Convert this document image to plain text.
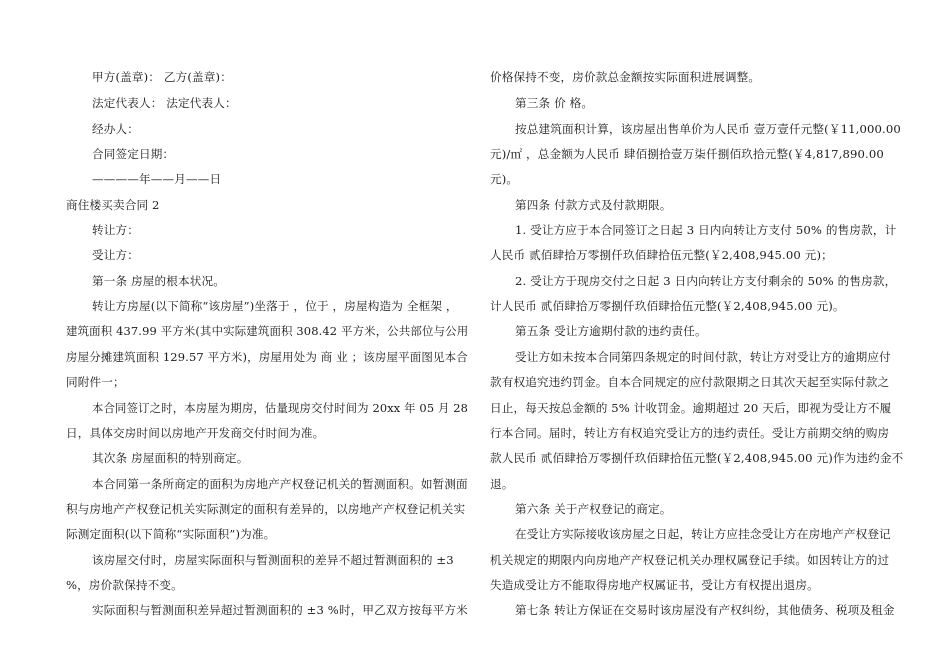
甲方(盖章)： 乙方(盖章)：
法定代表人： 法定代表人：
经办人：
合同签定日期：
————年——月——日
商住楼买卖合同 2
转让方：
受让方：
第一条 房屋的根本状况。
转让方房屋(以下简称“该房屋”)坐落于 ，位于 ，房屋构造为 全框架 ，
建筑面积 437.99 平方米(其中实际建筑面积 308.42 平方米，公共部位与公用
房屋分摊建筑面积 129.57 平方米)，房屋用处为 商 业 ；该房屋平面图见本合
同附件一；
本合同签订之时，本房屋为期房，估量现房交付时间为 20xx 年 05 月 28
日，具体交房时间以房地产开发商交付时间为准。
其次条 房屋面积的特别商定。
本合同第一条所商定的面积为房地产产权登记机关的暂测面积。如暂测面
积与房地产产权登记机关实际测定的面积有差异的，以房地产产权登记机关实
际测定面积(以下简称“实际面积”)为准。
该房屋交付时，房屋实际面积与暂测面积的差异不超过暂测面积的 ±3
%，房价款保持不变。
实际面积与暂测面积差异超过暂测面积的 ±3 %时，甲乙双方按每平方米
价格保持不变，房价款总金额按实际面积进展调整。
第三条 价 格。
按总建筑面积计算，该房屋出售单价为人民币 壹万壹仟元整(￥11,000.00
元)/㎡ ，总金额为人民币 肆佰捌拾壹万柒仟捌佰玖拾元整(￥4,817,890.00
元)。
第四条 付款方式及付款期限。
1. 受让方应于本合同签订之日起 3 日内向转让方支付 50% 的售房款，计
人民币 贰佰肆拾万零捌仟玖佰肆拾伍元整(￥2,408,945.00 元)；
2. 受让方于现房交付之日起 3 日内向转让方支付剩余的 50% 的售房款，
计人民币 贰佰肆拾万零捌仟玖佰肆拾伍元整(￥2,408,945.00 元)。
第五条 受让方逾期付款的违约责任。
受让方如未按本合同第四条规定的时间付款，转让方对受让方的逾期应付
款有权追究违约罚金。自本合同规定的应付款限期之日其次天起至实际付款之
日止，每天按总金额的 5% 计收罚金。逾期超过 20 天后，即视为受让方不履
行本合同。届时，转让方有权追究受让方的违约责任。受让方前期交纳的购房
款人民币 贰佰肆拾万零捌仟玖佰肆拾伍元整(￥2,408,945.00 元)作为违约金不
退。
第六条 关于产权登记的商定。
在受让方实际接收该房屋之日起，转让方应挂念受让方在房地产产权登记
机关规定的期限内向房地产产权登记机关办理权属登记手续。如因转让方的过
失造成受让方不能取得房地产权属证书，受让方有权提出退房。
第七条 转让方保证在交易时该房屋没有产权纠纷，其他债务、税项及租金
